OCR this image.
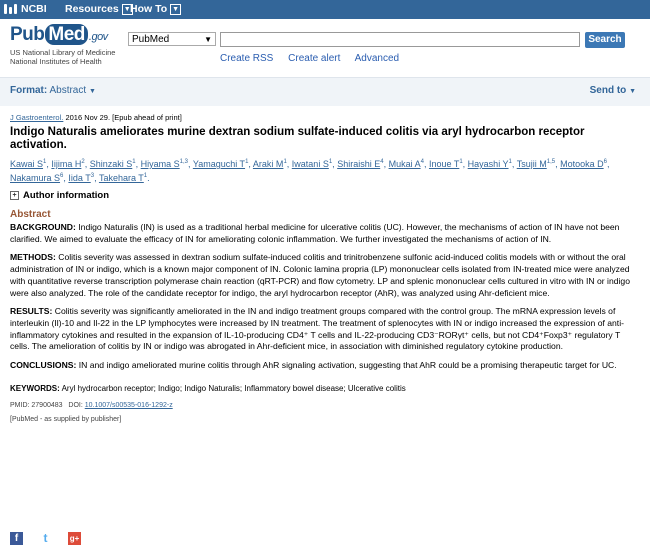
NCBI Resources ▼ How To ▼
Pub Med .gov
US National Library of Medicine
National Institutes of Health
PubMed	▼	Search
Create RSS Create alert Advanced
Format: Abstract ▼	Send to ▼
J Gastroenterol. 2016 Nov 29. [Epub ahead of print]
Indigo Naturalis ameliorates murine dextran sodium sulfate-induced colitis via aryl hydrocarbon receptor activation.
Kawai $S^1$, Iijima $H^2$, Shinzaki $S^1$, Hiyama S$^{1,3}$, Yamaguchi $T^1$, Araki $M^1$, Iwatani $S^1$, Shiraishi $E^4$, Mukai $A^4$, Inoue $T^1$, Hayashi $Y^1$, Tsujii M$^{1,5}$, Motooka $D^6$, Nakamura $S^6$, Iida $T^3$, Takehara $T^1$.
+ Author information
Abstract
BACKGROUND: Indigo Naturalis (IN) is used as a traditional herbal medicine for ulcerative colitis (UC). However, the mechanisms of action of IN have not been clarified. We aimed to evaluate the efficacy of IN for ameliorating colonic inflammation. We further investigated the mechanisms of action of IN.
METHODS: Colitis severity was assessed in dextran sodium sulfate-induced colitis and trinitrobenzene sulfonic acid-induced colitis models with or without the oral administration of IN or indigo, which is a known major component of IN. Colonic lamina propria (LP) mononuclear cells isolated from IN-treated mice were analyzed with quantitative reverse transcription polymerase chain reaction (qRT-PCR) and flow cytometry. LP and splenic mononuclear cells cultured in vitro with IN or indigo were also analyzed. The role of the candidate receptor for indigo, the aryl hydrocarbon receptor (AhR), was analyzed using Ahr-deficient mice.
RESULTS: Colitis severity was significantly ameliorated in the IN and indigo treatment groups compared with the control group. The mRNA expression levels of interleukin (Il)-10 and Il-22 in the LP lymphocytes were increased by IN treatment. The treatment of splenocytes with IN or indigo increased the expression of anti-inflammatory cytokines and resulted in the expansion of IL-10-producing CD4⁺ T cells and IL-22-producing CD3⁻RORγt⁺ cells, but not CD4⁺Foxp3⁺ regulatory T cells. The amelioration of colitis by IN or indigo was abrogated in Ahr-deficient mice, in association with diminished regulatory cytokine production.
CONCLUSIONS: IN and indigo ameliorated murine colitis through AhR signaling activation, suggesting that AhR could be a promising therapeutic target for UC.
KEYWORDS: Aryl hydrocarbon receptor; Indigo; Indigo Naturalis; Inflammatory bowel disease; Ulcerative colitis
PMID: 27900483 DOI: 10.1007/s00535-016-1292-z
[PubMed - as supplied by publisher]
f	t	g+
